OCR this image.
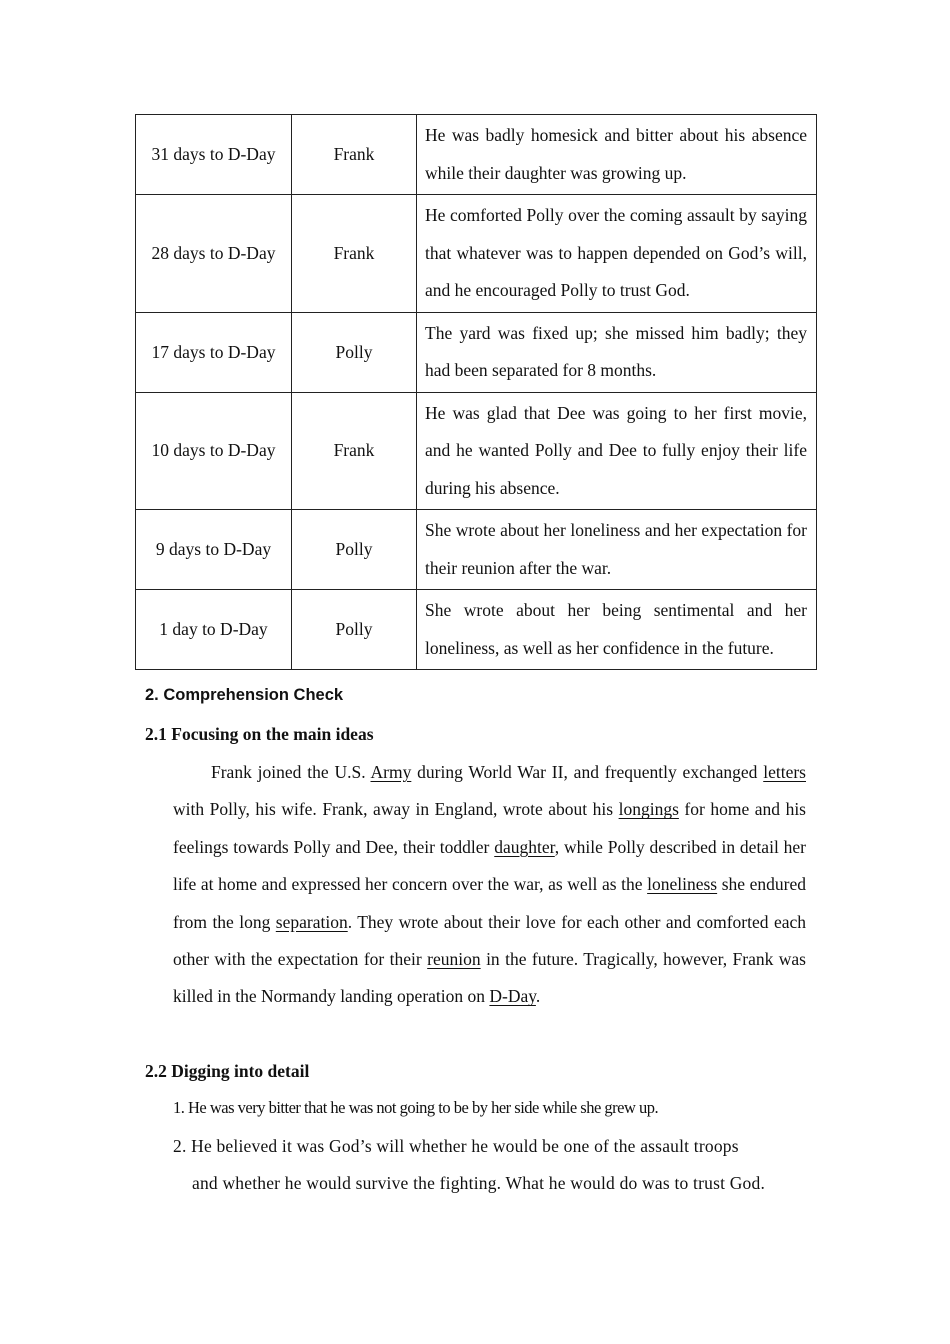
31 days to D-Day	Frank	He was badly homesick and bitter about his absence while their daughter was growing up.
28 days to D-Day	Frank	He comforted Polly over the coming assault by saying that whatever was to happen depended on God’s will, and he encouraged Polly to trust God.
17 days to D-Day	Polly	The yard was fixed up; she missed him badly; they had been separated for 8 months.
10 days to D-Day	Frank	He was glad that Dee was going to her first movie, and he wanted Polly and Dee to fully enjoy their life during his absence.
9 days to D-Day	Polly	She wrote about her loneliness and her expectation for their reunion after the war.
1 day to D-Day	Polly	She wrote about her being sentimental and her loneliness, as well as her confidence in the future.
2. Comprehension Check
2.1 Focusing on the main ideas
Frank joined the U.S. Army during World War II, and frequently exchanged letters with Polly, his wife. Frank, away in England, wrote about his longings for home and his feelings towards Polly and Dee, their toddler daughter, while Polly described in detail her life at home and expressed her concern over the war, as well as the loneliness she endured from the long separation. They wrote about their love for each other and comforted each other with the expectation for their reunion in the future. Tragically, however, Frank was killed in the Normandy landing operation on D-Day.
2.2 Digging into detail
1. He was very bitter that he was not going to be by her side while she grew up.
2. He believed it was God’s will whether he would be one of the assault troops
and whether he would survive the fighting. What he would do was to trust God.
